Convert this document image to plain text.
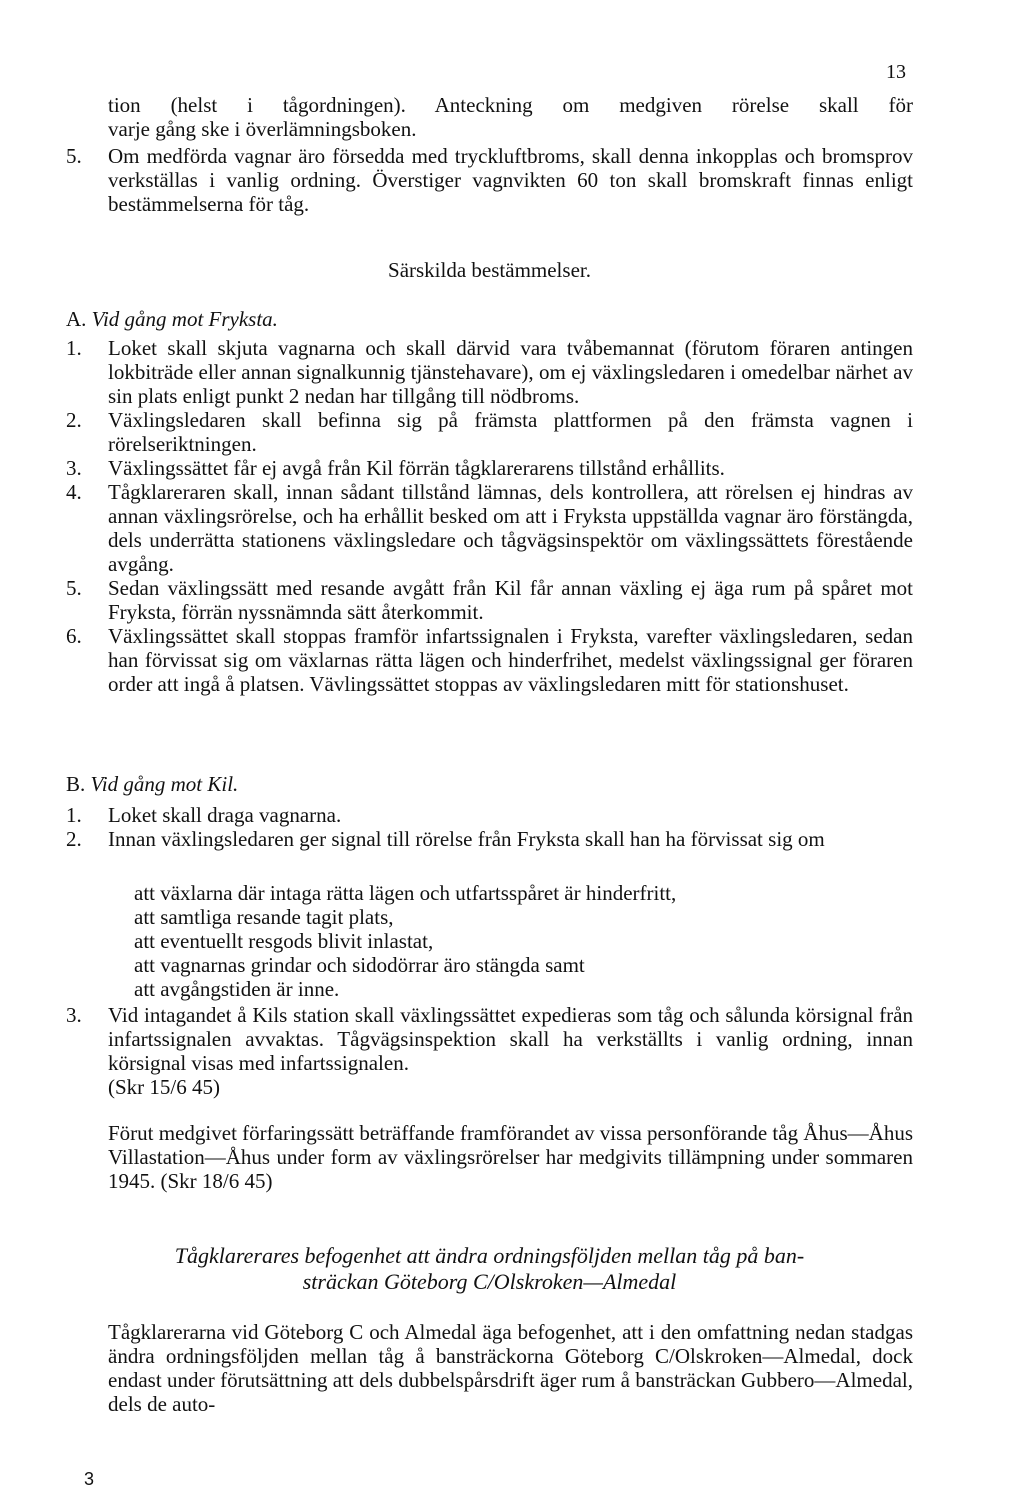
13
tion (helst i tågordningen). Anteckning om medgiven rörelse skall för
varje gång ske i överlämningsboken.
5.	Om medförda vagnar äro försedda med tryckluftbroms, skall denna inkopplas och bromsprov verkställas i vanlig ordning. Överstiger vagnvikten 60 ton skall bromskraft finnas enligt bestämmelserna för tåg.
Särskilda bestämmelser.
A. Vid gång mot Fryksta.
1.	Loket skall skjuta vagnarna och skall därvid vara tvåbemannat (förutom föraren antingen lokbiträde eller annan signalkunnig tjänstehavare), om ej växlingsledaren i omedelbar närhet av sin plats enligt punkt 2 nedan har tillgång till nödbroms.
2.	Växlingsledaren skall befinna sig på främsta plattformen på den främsta vagnen i rörelseriktningen.
3.	Växlingssättet får ej avgå från Kil förrän tågklarerarens tillstånd erhållits.
4.	Tågklareraren skall, innan sådant tillstånd lämnas, dels kontrollera, att rörelsen ej hindras av annan växlingsrörelse, och ha erhållit besked om att i Fryksta uppställda vagnar äro förstängda, dels underrätta stationens växlingsledare och tågvägsinspektör om växlingssättets förestående avgång.
5.	Sedan växlingssätt med resande avgått från Kil får annan växling ej äga rum på spåret mot Fryksta, förrän nyssnämnda sätt återkommit.
6.	Växlingssättet skall stoppas framför infartssignalen i Fryksta, varefter växlingsledaren, sedan han förvissat sig om växlarnas rätta lägen och hinderfrihet, medelst växlingssignal ger föraren order att ingå å platsen. Vävlingssättet stoppas av växlingsledaren mitt för stationshuset.
B. Vid gång mot Kil.
1.	Loket skall draga vagnarna.
2.	Innan växlingsledaren ger signal till rörelse från Fryksta skall han ha förvissat sig om
att växlarna där intaga rätta lägen och utfartsspåret är hinderfritt,
att samtliga resande tagit plats,
att eventuellt resgods blivit inlastat,
att vagnarnas grindar och sidodörrar äro stängda samt
att avgångstiden är inne.
3.	Vid intagandet å Kils station skall växlingssättet expedieras som tåg och sålunda körsignal från infartssignalen avvaktas. Tågvägsinspektion skall ha verkställts i vanlig ordning, innan körsignal visas med infartssignalen.
(Skr 15/6 45)
Förut medgivet förfaringssätt beträffande framförandet av vissa personförande tåg Åhus—Åhus Villastation—Åhus under form av växlingsrörelser har medgivits tillämpning under sommaren 1945. (Skr 18/6 45)
Tågklarerares befogenhet att ändra ordningsföljden mellan tåg på ban-
sträckan Göteborg C/Olskroken—Almedal
Tågklarerarna vid Göteborg C och Almedal äga befogenhet, att i den omfattning nedan stadgas ändra ordningsföljden mellan tåg å bansträckorna Göteborg C/Olskroken—Almedal, dock endast under förutsättning att dels dubbelspårsdrift äger rum å bansträckan Gubbero—Almedal, dels de auto-
3
